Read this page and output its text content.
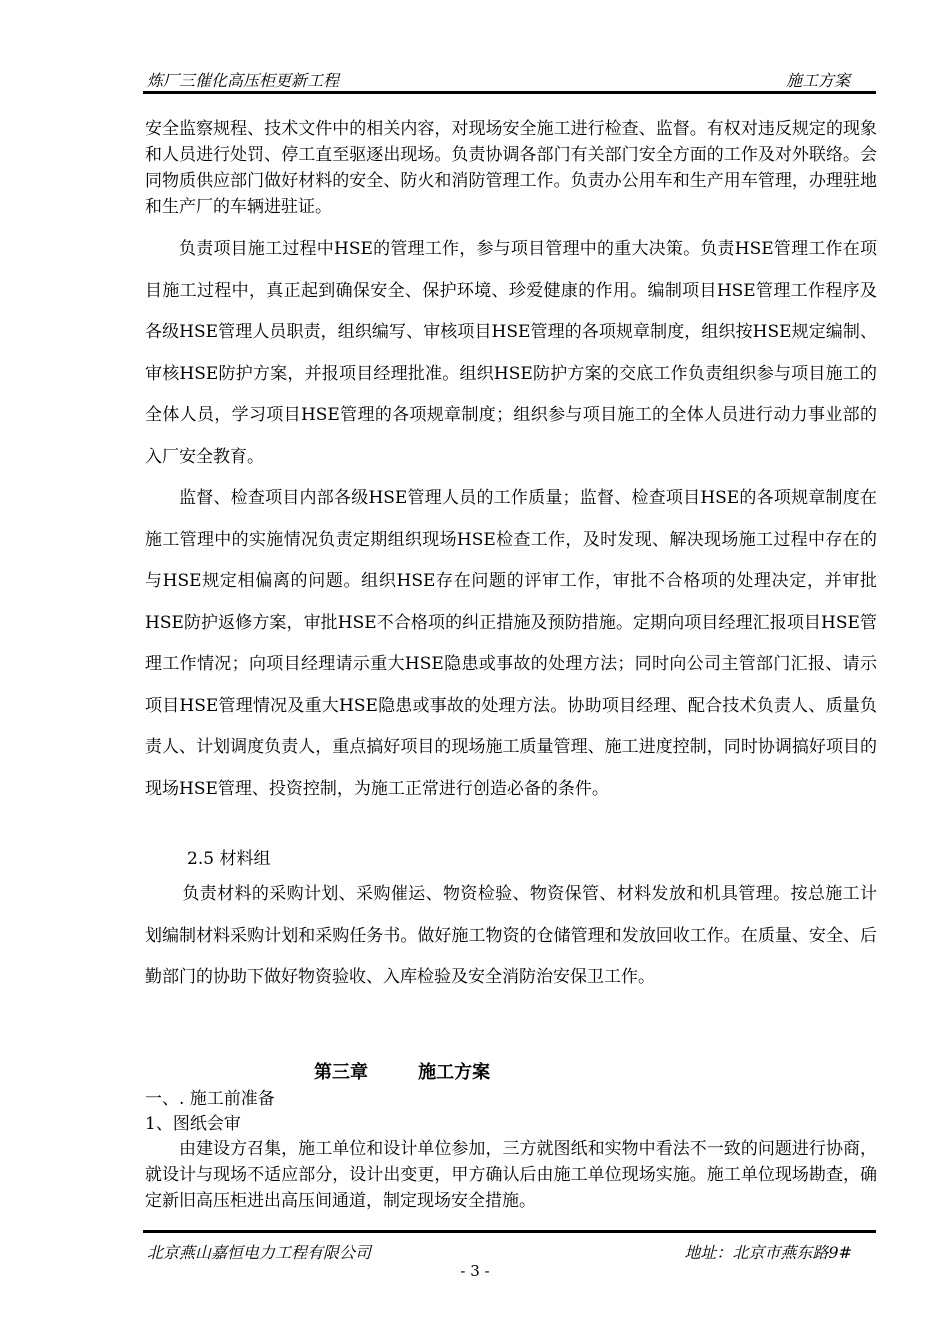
炼厂三催化高压柜更新工程	施工方案

安全监察规程、技术文件中的相关内容，对现场安全施工进行检查、监督。有权对违反规定的现象和人员进行处罚、停工直至驱逐出现场。负责协调各部门有关部门安全方面的工作及对外联络。会同物质供应部门做好材料的安全、防火和消防管理工作。负责办公用车和生产用车管理，办理驻地和生产厂的车辆进驻证。

负责项目施工过程中HSE的管理工作，参与项目管理中的重大决策。负责HSE管理工作在项目施工过程中，真正起到确保安全、保护环境、珍爱健康的作用。编制项目HSE管理工作程序及各级HSE管理人员职责，组织编写、审核项目HSE管理的各项规章制度，组织按HSE规定编制、审核HSE防护方案，并报项目经理批准。组织HSE防护方案的交底工作负责组织参与项目施工的全体人员，学习项目HSE管理的各项规章制度；组织参与项目施工的全体人员进行动力事业部的入厂安全教育。

监督、检查项目内部各级HSE管理人员的工作质量；监督、检查项目HSE的各项规章制度在施工管理中的实施情况负责定期组织现场HSE检查工作，及时发现、解决现场施工过程中存在的与HSE规定相偏离的问题。组织HSE存在问题的评审工作，审批不合格项的处理决定，并审批HSE防护返修方案，审批HSE不合格项的纠正措施及预防措施。定期向项目经理汇报项目HSE管理工作情况；向项目经理请示重大HSE隐患或事故的处理方法；同时向公司主管部门汇报、请示项目HSE管理情况及重大HSE隐患或事故的处理方法。协助项目经理、配合技术负责人、质量负责人、计划调度负责人，重点搞好项目的现场施工质量管理、施工进度控制，同时协调搞好项目的现场HSE管理、投资控制，为施工正常进行创造必备的条件。

2.5 材料组

负责材料的采购计划、采购催运、物资检验、物资保管、材料发放和机具管理。按总施工计划编制材料采购计划和采购任务书。做好施工物资的仓储管理和发放回收工作。在质量、安全、后勤部门的协助下做好物资验收、入库检验及安全消防治安保卫工作。

第三章        施工方案
一、. 施工前准备
1、图纸会审

由建设方召集，施工单位和设计单位参加，三方就图纸和实物中看法不一致的问题进行协商，就设计与现场不适应部分，设计出变更，甲方确认后由施工单位现场实施。施工单位现场勘查，确定新旧高压柜进出高压间通道，制定现场安全措施。

北京燕山嘉恒电力工程有限公司	地址：北京市燕东路9#
- 3 -
